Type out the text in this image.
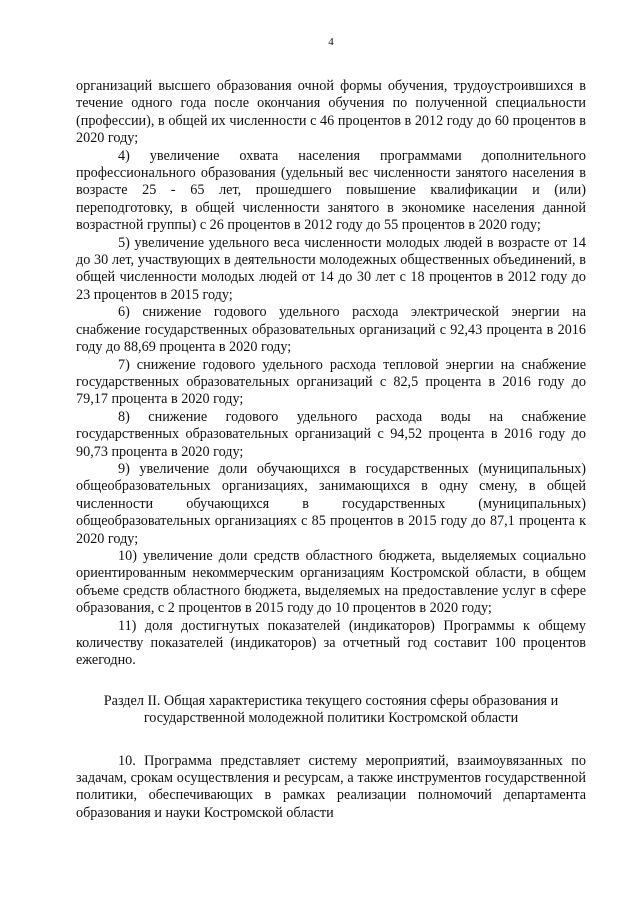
4

организаций высшего образования очной формы обучения, трудоустроившихся в течение одного года после окончания обучения по полученной специальности (профессии), в общей их численности с 46 процентов в 2012 году до 60 процентов в 2020 году;

4) увеличение охвата населения программами дополнительного профессионального образования (удельный вес численности занятого населения в возрасте 25 - 65 лет, прошедшего повышение квалификации и (или) переподготовку, в общей численности занятого в экономике населения данной возрастной группы) с 26 процентов в 2012 году до 55 процентов в 2020 году;

5) увеличение удельного веса численности молодых людей в возрасте от 14 до 30 лет, участвующих в деятельности молодежных общественных объединений, в общей численности молодых людей от 14 до 30 лет с 18 процентов в 2012 году до 23 процентов в 2015 году;

6) снижение годового удельного расхода электрической энергии на снабжение государственных образовательных организаций с 92,43 процента в 2016 году до 88,69 процента в 2020 году;

7) снижение годового удельного расхода тепловой энергии на снабжение государственных образовательных организаций с 82,5 процента в 2016 году до 79,17 процента в 2020 году;

8) снижение годового удельного расхода воды на снабжение государственных образовательных организаций с 94,52 процента в 2016 году до 90,73 процента в 2020 году;

9) увеличение доли обучающихся в государственных (муниципальных) общеобразовательных организациях, занимающихся в одну смену, в общей численности обучающихся в государственных (муниципальных) общеобразовательных организациях с 85 процентов в 2015 году до 87,1 процента к 2020 году;

10) увеличение доли средств областного бюджета, выделяемых социально ориентированным некоммерческим организациям Костромской области, в общем объеме средств областного бюджета, выделяемых на предоставление услуг в сфере образования, с 2 процентов в 2015 году до 10 процентов в 2020 году;

11) доля достигнутых показателей (индикаторов) Программы к общему количеству показателей (индикаторов) за отчетный год составит 100 процентов ежегодно.

Раздел II. Общая характеристика текущего состояния сферы образования и
государственной молодежной политики Костромской области

10. Программа представляет систему мероприятий, взаимоувязанных по задачам, срокам осуществления и ресурсам, а также инструментов государственной политики, обеспечивающих в рамках реализации полномочий департамента образования и науки Костромской области
